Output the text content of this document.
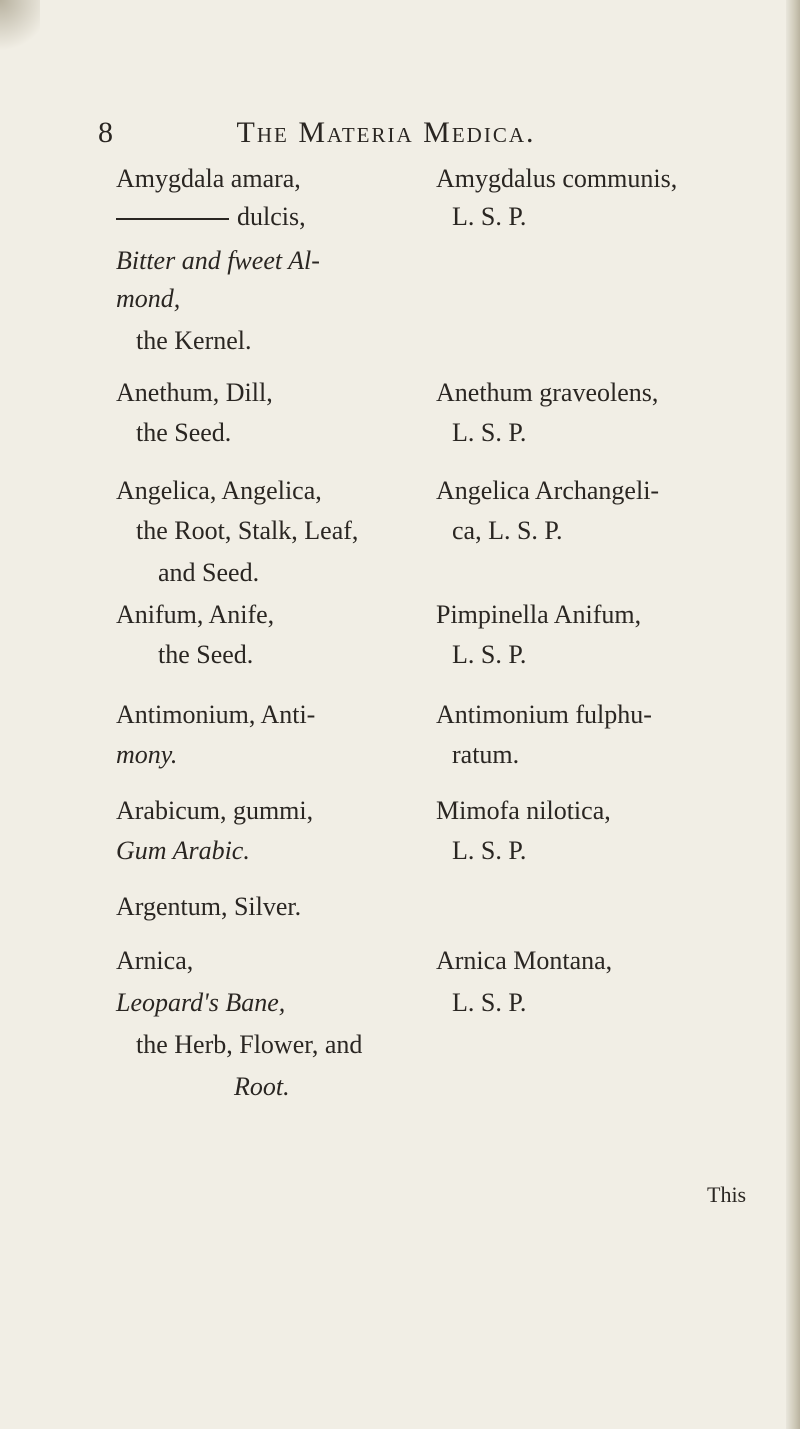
8	The Materia Medica.
Amygdala amara,
dulcis,
Bitter and fweet Al-
mond,
the Kernel.
Amygdalus communis,
L. S. P.
Anethum, Dill,
the Seed.
Anethum graveolens,
L. S. P.
Angelica, Angelica,
the Root, Stalk, Leaf,
and Seed.
Angelica Archangeli-
ca, L. S. P.
Anifum, Anife,
the Seed.
Pimpinella Anifum,
L. S. P.
Antimonium, Anti-
mony.
Antimonium fulphu-
ratum.
Arabicum, gummi,
Gum Arabic.
Mimofa nilotica,
L. S. P.
Argentum, Silver.
Arnica,
Leopard's Bane,
the Herb, Flower, and
Root.
Arnica Montana,
L. S. P.
This
